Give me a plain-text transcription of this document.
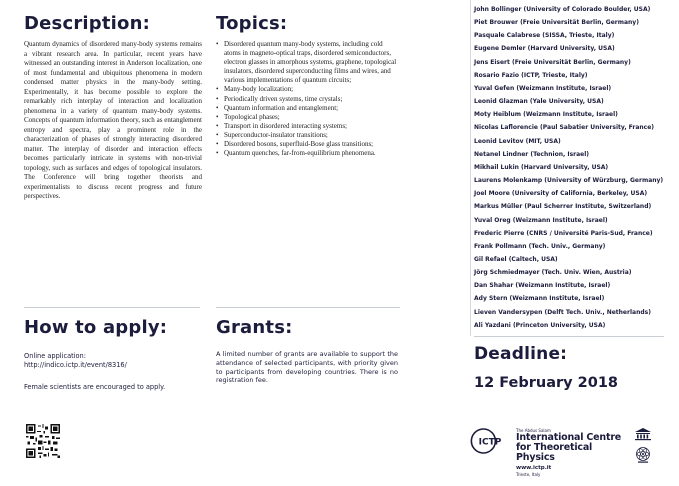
Description:

Quantum dynamics of disordered many-body systems remains a vibrant research area. In particular, recent years have witnessed an outstanding interest in Anderson localization, one of most fundamental and ubiquitous phenomena in modern condensed matter physics in the many-body setting. Experimentally, it has become possible to explore the remarkably rich interplay of interaction and localization phenomena in a variety of quantum many-body systems. Concepts of quantum information theory, such as entanglement entropy and spectra, play a prominent role in the characterization of phases of strongly interacting disordered matter. The interplay of disorder and interaction effects becomes particularly intricate in systems with non-trivial topology, such as surfaces and edges of topological insulators. The Conference will bring together theorists and experimentalists to discuss recent progress and future perspectives.

Topics:
• Disordered quantum many-body systems, including cold atoms in magneto-optical traps, disordered semiconductors, electron glasses in amorphous systems, graphene, topological insulators, disordered superconducting films and wires, and various implementations of quantum circuits;
• Many-body localization;
• Periodically driven systems, time crystals;
• Quantum information and entanglement;
• Topological phases;
• Transport in disordered interacting systems;
• Superconductor-insulator transitions;
• Disordered bosons, superfluid-Bose glass transitions;
• Quantum quenches, far-from-equilibrium phenomena.
John Bollinger (University of Colorado Boulder, USA)
Piet Brouwer (Freie Universität Berlin, Germany)
Pasquale Calabrese (SISSA, Trieste, Italy)
Eugene Demler (Harvard University, USA)
Jens Eisert (Freie Universität Berlin, Germany)
Rosario Fazio (ICTP, Trieste, Italy)
Yuval Gefen (Weizmann Institute, Israel)
Leonid Glazman (Yale University, USA)
Moty Heiblum (Weizmann Institute, Israel)
Nicolas Laflorencie (Paul Sabatier University, France)
Leonid Levitov (MIT, USA)
Netanel Lindner (Technion, Israel)
Mikhail Lukin (Harvard University, USA)
Laurens Molenkamp (University of Würzburg, Germany)
Joel Moore (University of California, Berkeley, USA)
Markus Müller (Paul Scherrer Institute, Switzerland)
Yuval Oreg (Weizmann Institute, Israel)
Frederic Pierre (CNRS / Université Paris-Sud, France)
Frank Pollmann (Tech. Univ., Germany)
Gil Refael (Caltech, USA)
Jörg Schmiedmayer (Tech. Univ. Wien, Austria)
Dan Shahar (Weizmann Institute, Israel)
Ady Stern (Weizmann Institute, Israel)
Lieven Vandersypen (Delft Tech. Univ., Netherlands)
Ali Yazdani (Princeton University, USA)
How to apply:
Online application:
http://indico.ictp.it/event/8316/
Female scientists are encouraged to apply.
Grants:

A limited number of grants are available to support the attendance of selected participants, with priority given to participants from developing countries. There is no registration fee.

Deadline:
12 February 2018
ICTP
The Abdus Salam
International Centre
for Theoretical Physics
www.ictp.it
Trieste, Italy
